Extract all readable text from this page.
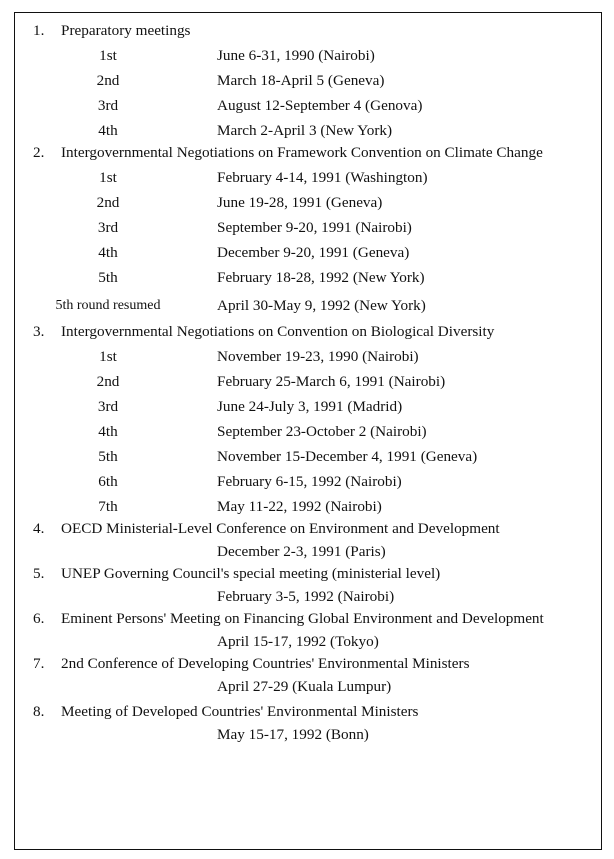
1.	Preparatory meetings
1st	June 6-31, 1990 (Nairobi)
2nd	March 18-April 5 (Geneva)
3rd	August 12-September 4 (Genova)
4th	March 2-April 3 (New York)
2.	Intergovernmental Negotiations on Framework Convention on Climate Change
1st	February 4-14, 1991 (Washington)
2nd	June 19-28, 1991 (Geneva)
3rd	September 9-20, 1991 (Nairobi)
4th	December 9-20, 1991 (Geneva)
5th	February 18-28, 1992 (New York)
5th round resumed	April 30-May 9, 1992 (New York)
3.	Intergovernmental Negotiations on Convention on Biological Diversity
1st	November 19-23, 1990 (Nairobi)
2nd	February 25-March 6, 1991 (Nairobi)
3rd	June 24-July 3, 1991 (Madrid)
4th	September 23-October 2 (Nairobi)
5th	November 15-December 4, 1991 (Geneva)
6th	February 6-15, 1992 (Nairobi)
7th	May 11-22, 1992 (Nairobi)
4.	OECD Ministerial-Level Conference on Environment and Development
December 2-3, 1991 (Paris)
5.	UNEP Governing Council's special meeting (ministerial level)
February 3-5, 1992 (Nairobi)
6.	Eminent Persons' Meeting on Financing Global Environment and Development
April 15-17, 1992 (Tokyo)
7.	2nd Conference of Developing Countries' Environmental Ministers
April 27-29 (Kuala Lumpur)
8.	Meeting of Developed Countries' Environmental Ministers
May 15-17, 1992 (Bonn)
